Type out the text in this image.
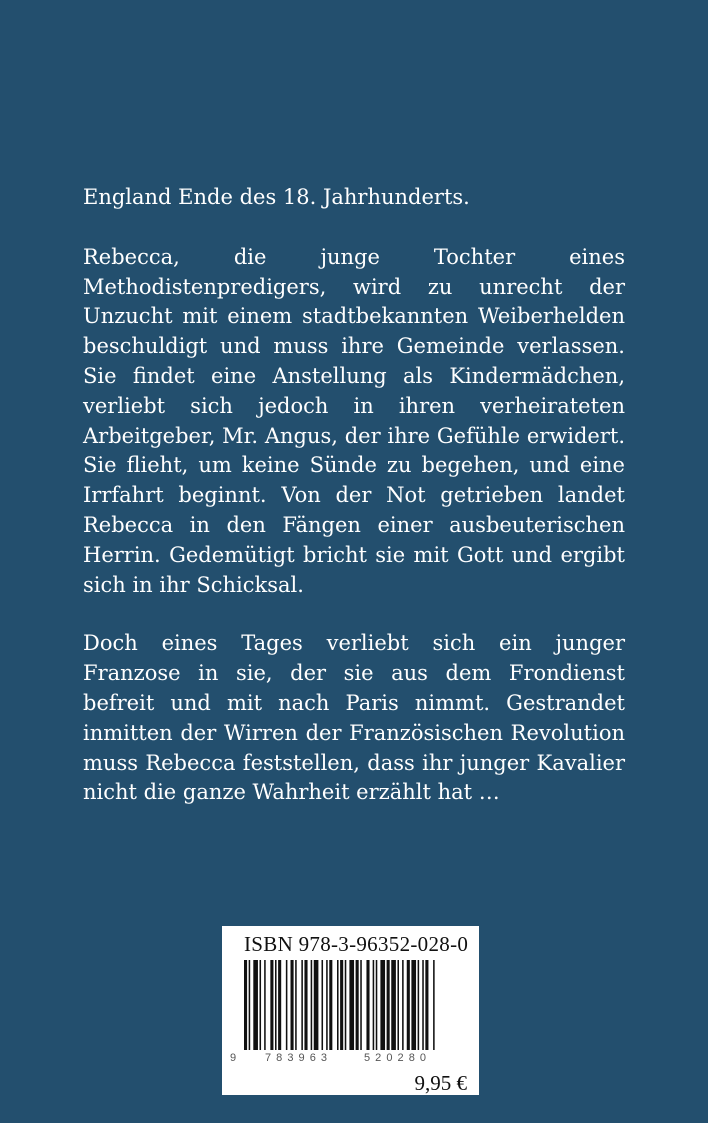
England Ende des 18. Jahrhunderts.

Rebecca, die junge Tochter eines Methodistenpredigers, wird zu unrecht der Unzucht mit einem stadtbekannten Weiberhelden beschuldigt und muss ihre Gemeinde verlassen. Sie findet eine Anstellung als Kindermädchen, verliebt sich jedoch in ihren verheirateten Arbeitgeber, Mr. Angus, der ihre Gefühle erwidert. Sie flieht, um keine Sünde zu begehen, und eine Irrfahrt beginnt. Von der Not getrieben landet Rebecca in den Fängen einer ausbeuterischen Herrin. Gedemütigt bricht sie mit Gott und ergibt sich in ihr Schicksal.

Doch eines Tages verliebt sich ein junger Franzose in sie, der sie aus dem Frondienst befreit und mit nach Paris nimmt. Gestrandet inmitten der Wirren der Französischen Revolution muss Rebecca feststellen, dass ihr junger Kavalier nicht die ganze Wahrheit erzählt hat …

ISBN 978-3-96352-028-0
9	7 8 3 9 6 3	5 2 0 2 8 0
9,95 €
